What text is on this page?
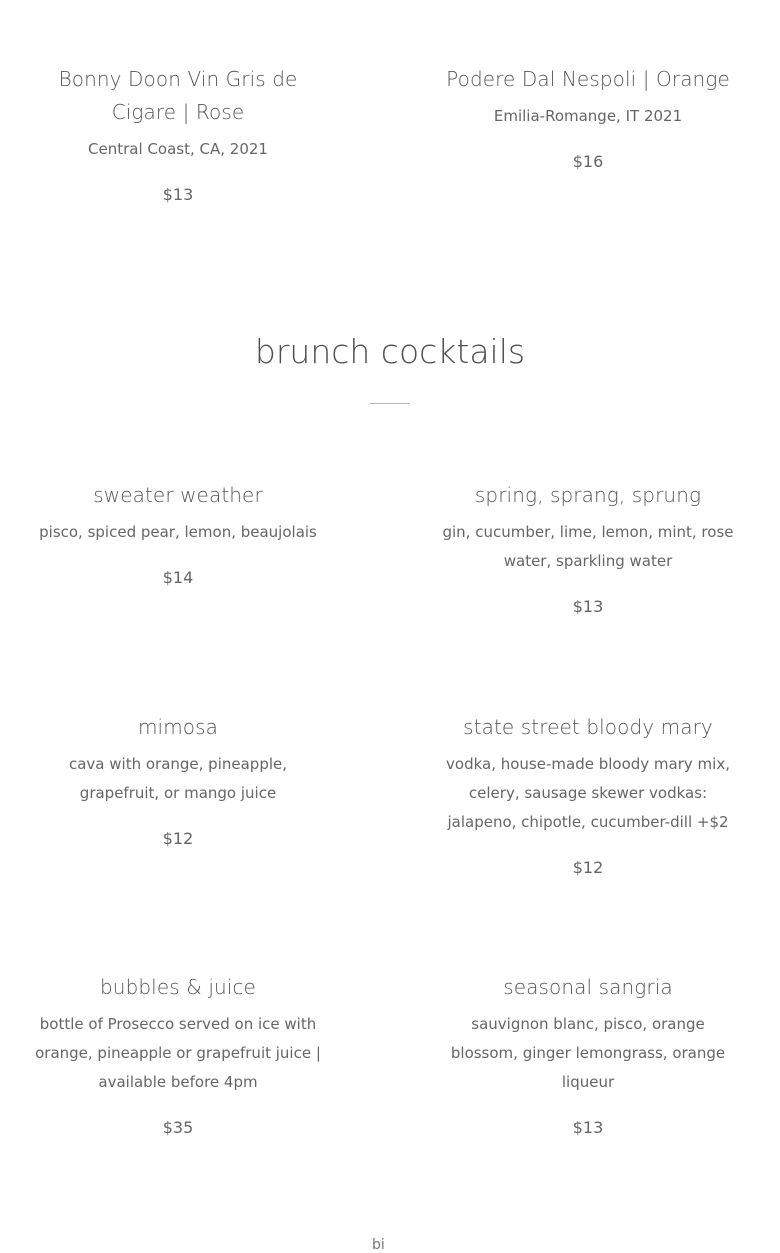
Bonny Doon Vin Gris de Cigare | Rose
Central Coast, CA, 2021
$13
Podere Dal Nespoli | Orange
Emilia-Romange, IT 2021
$16
brunch cocktails
sweater weather
pisco, spiced pear, lemon, beaujolais
$14
spring, sprang, sprung
gin, cucumber, lime, lemon, mint, rose water, sparkling water
$13
mimosa
cava with orange, pineapple, grapefruit, or mango juice
$12
state street bloody mary
vodka, house-made bloody mary mix, celery, sausage skewer vodkas: jalapeno, chipotle, cucumber-dill +$2
$12
bubbles & juice
bottle of Prosecco served on ice with orange, pineapple or grapefruit juice | available before 4pm
$35
seasonal sangria
sauvignon blanc, pisco, orange blossom, ginger lemongrass, orange liqueur
$13
bi
